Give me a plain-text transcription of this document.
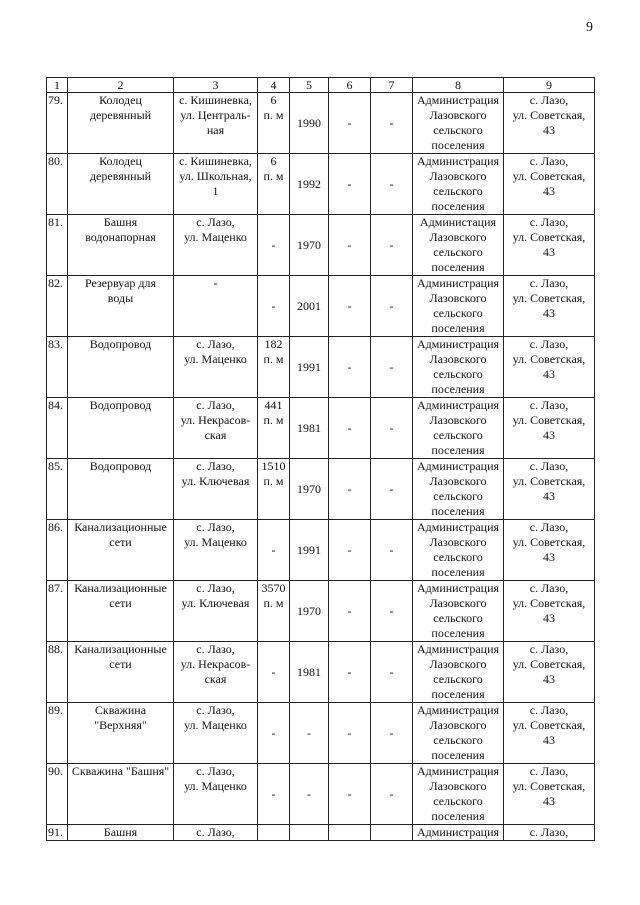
9
1	2	3	4	5	6	7	8	9
79.	Колодец
деревянный	с. Кишиневка,
ул. Централь-
ная	6
п. м	1990	-	-	Администрация
Лазовского
сельского
поселения	с. Лазо,
ул. Советская,
43
80.	Колодец
деревянный	с. Кишиневка,
ул. Школьная,
1	6
п. м	1992	-	-	Администрация
Лазовского
сельского
поселения	с. Лазо,
ул. Советская,
43
81.	Башня
водонапорная	с. Лазо,
ул. Маценко	-	1970	-	-	Администация
Лазовского
сельского
поселения	с. Лазо,
ул. Советская,
43
82.	Резервуар для
воды	-	-	2001	-	-	Администрация
Лазовского
сельского
поселения	с. Лазо,
ул. Советская,
43
83.	Водопровод	с. Лазо,
ул. Маценко	182
п. м	1991	-	-	Администрация
Лазовского
сельского
поселения	с. Лазо,
ул. Советская,
43
84.	Водопровод	с. Лазо,
ул. Некрасов-
ская	441
п. м	1981	-	-	Администрация
Лазовского
сельского
поселения	с. Лазо,
ул. Советская,
43
85.	Водопровод	с. Лазо,
ул. Ключевая	1510
п. м	1970	-	-	Администрация
Лазовского
сельского
поселения	с. Лазо,
ул. Советская,
43
86.	Канализационные
сети	с. Лазо,
ул. Маценко	-	1991	-	-	Администрация
Лазовского
сельского
поселения	с. Лазо,
ул. Советская,
43
87.	Канализационные
сети	с. Лазо,
ул. Ключевая	3570
п. м	1970	-	-	Администрация
Лазовского
сельского
поселения	с. Лазо,
ул. Советская,
43
88.	Канализационные
сети	с. Лазо,
ул. Некрасов-
ская	-	1981	-	-	Администрация
Лазовского
сельского
поселения	с. Лазо,
ул. Советская,
43
89.	Скважина
"Верхняя"	с. Лазо,
ул. Маценко	-	-	-	-	Администрация
Лазовского
сельского
поселения	с. Лазо,
ул. Советская,
43
90.	Скважина "Башня"	с. Лазо,
ул. Маценко	-	-	-	-	Администрация
Лазовского
сельского
поселения	с. Лазо,
ул. Советская,
43
91.	Башня	с. Лазо,					Администрация	с. Лазо,
